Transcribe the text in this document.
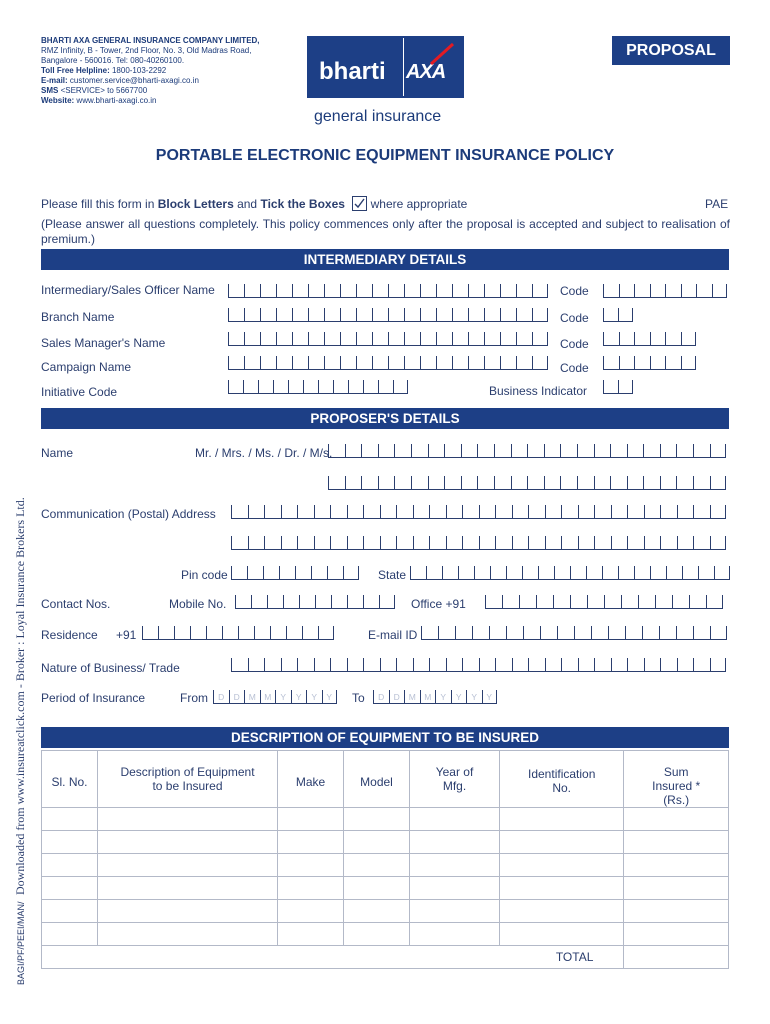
BHARTI AXA GENERAL INSURANCE COMPANY LIMITED,
RMZ Infinity, B - Tower, 2nd Floor, No. 3, Old Madras Road,
Bangalore - 560016. Tel: 080-40260100.
Toll Free Helpline: 1800-103-2292
E-mail: customer.service@bharti-axagi.co.in
SMS <SERVICE> to 5667700
Website: www.bharti-axagi.co.in
bharti AXA
general insurance
PROPOSAL
PORTABLE ELECTRONIC EQUIPMENT INSURANCE POLICY
Please fill this form in Block Letters and Tick the Boxes
where appropriate	PAE
(Please answer all questions completely. This policy commences only after the proposal is accepted and subject to realisation of premium.)
INTERMEDIARY DETAILS
Intermediary/Sales Officer Name	Code
Branch Name	Code
Sales Manager's Name	Code
Campaign Name	Code
Initiative Code	Business Indicator
PROPOSER'S DETAILS
Name	Mr. / Mrs. / Ms. / Dr. / M/s.
Communication (Postal) Address
Pin code	State
Contact Nos.	Mobile No.	Office +91
Residence +91	E-mail ID
Nature of Business/ Trade
Period of Insurance	From	D	D	M M	Y	Y	Y	Y	To	D	D	M M	Y	Y	Y	Y
DESCRIPTION OF EQUIPMENT TO BE INSURED
Sl. No.	Description of Equipment to be Insured	Make	Model	Year of Mfg.	Identification No.	Sum Insured * (Rs.)

TOTAL						
Downloaded from www.insureatclick.com - Broker : Loyal Insurance Brokers Ltd.
BAGI/PF/PEEI/MAN/
